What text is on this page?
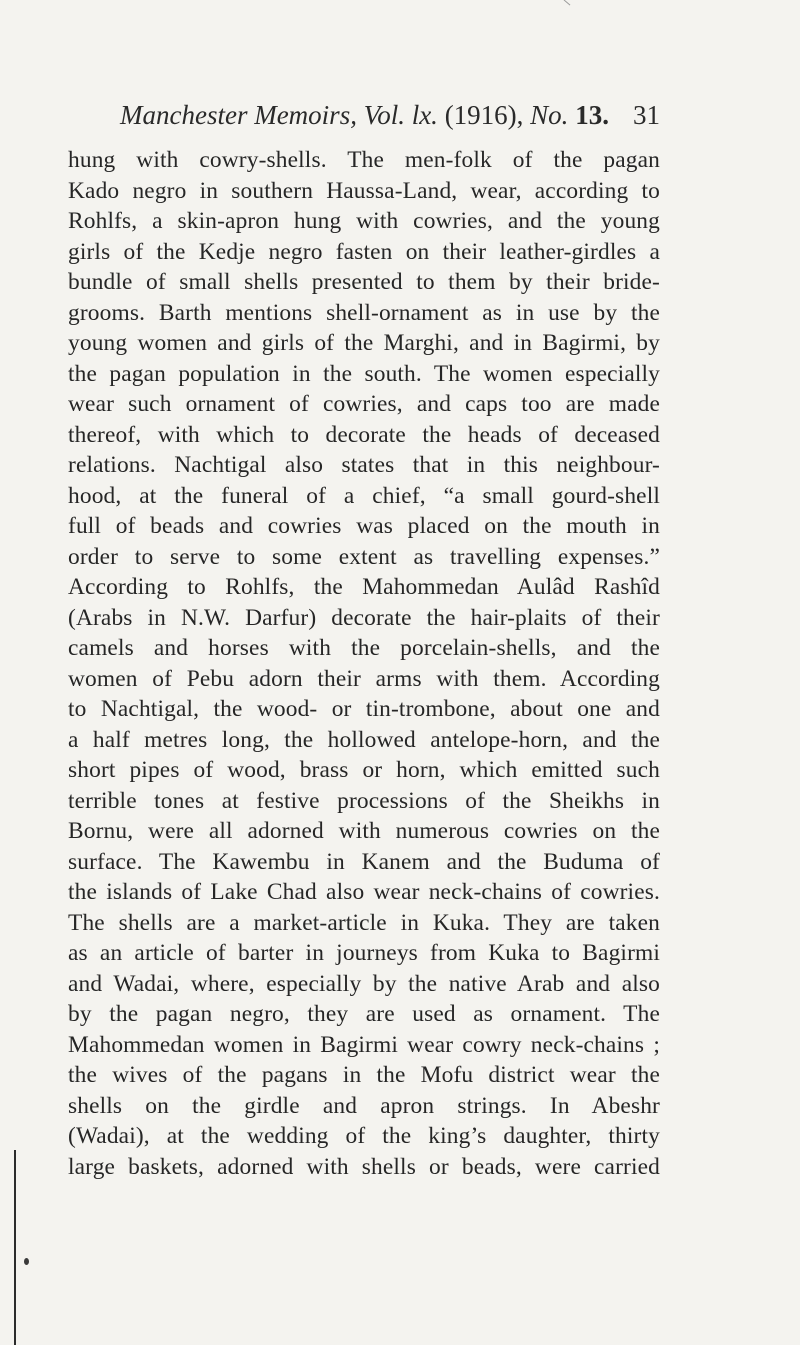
Manchester Memoirs, Vol. lx. (1916), No. 13. 31
hung with cowry-shells. The men-folk of the pagan
Kado negro in southern Haussa-Land, wear, according to
Rohlfs, a skin-apron hung with cowries, and the young
girls of the Kedje negro fasten on their leather-girdles a
bundle of small shells presented to them by their bride-
grooms. Barth mentions shell-ornament as in use by the
young women and girls of the Marghi, and in Bagirmi, by
the pagan population in the south. The women especially
wear such ornament of cowries, and caps too are made
thereof, with which to decorate the heads of deceased
relations. Nachtigal also states that in this neighbour-
hood, at the funeral of a chief, “a small gourd-shell
full of beads and cowries was placed on the mouth in
order to serve to some extent as travelling expenses.”
According to Rohlfs, the Mahommedan Aulâd Rashîd
(Arabs in N.W. Darfur) decorate the hair-plaits of their
camels and horses with the porcelain-shells, and the
women of Pebu adorn their arms with them. According
to Nachtigal, the wood- or tin-trombone, about one and
a half metres long, the hollowed antelope-horn, and the
short pipes of wood, brass or horn, which emitted such
terrible tones at festive processions of the Sheikhs in
Bornu, were all adorned with numerous cowries on the
surface. The Kawembu in Kanem and the Buduma of
the islands of Lake Chad also wear neck-chains of cowries.
The shells are a market-article in Kuka. They are taken
as an article of barter in journeys from Kuka to Bagirmi
and Wadai, where, especially by the native Arab and also
by the pagan negro, they are used as ornament. The
Mahommedan women in Bagirmi wear cowry neck-chains ;
the wives of the pagans in the Mofu district wear the
shells on the girdle and apron strings. In Abeshr
(Wadai), at the wedding of the king’s daughter, thirty
large baskets, adorned with shells or beads, were carried
